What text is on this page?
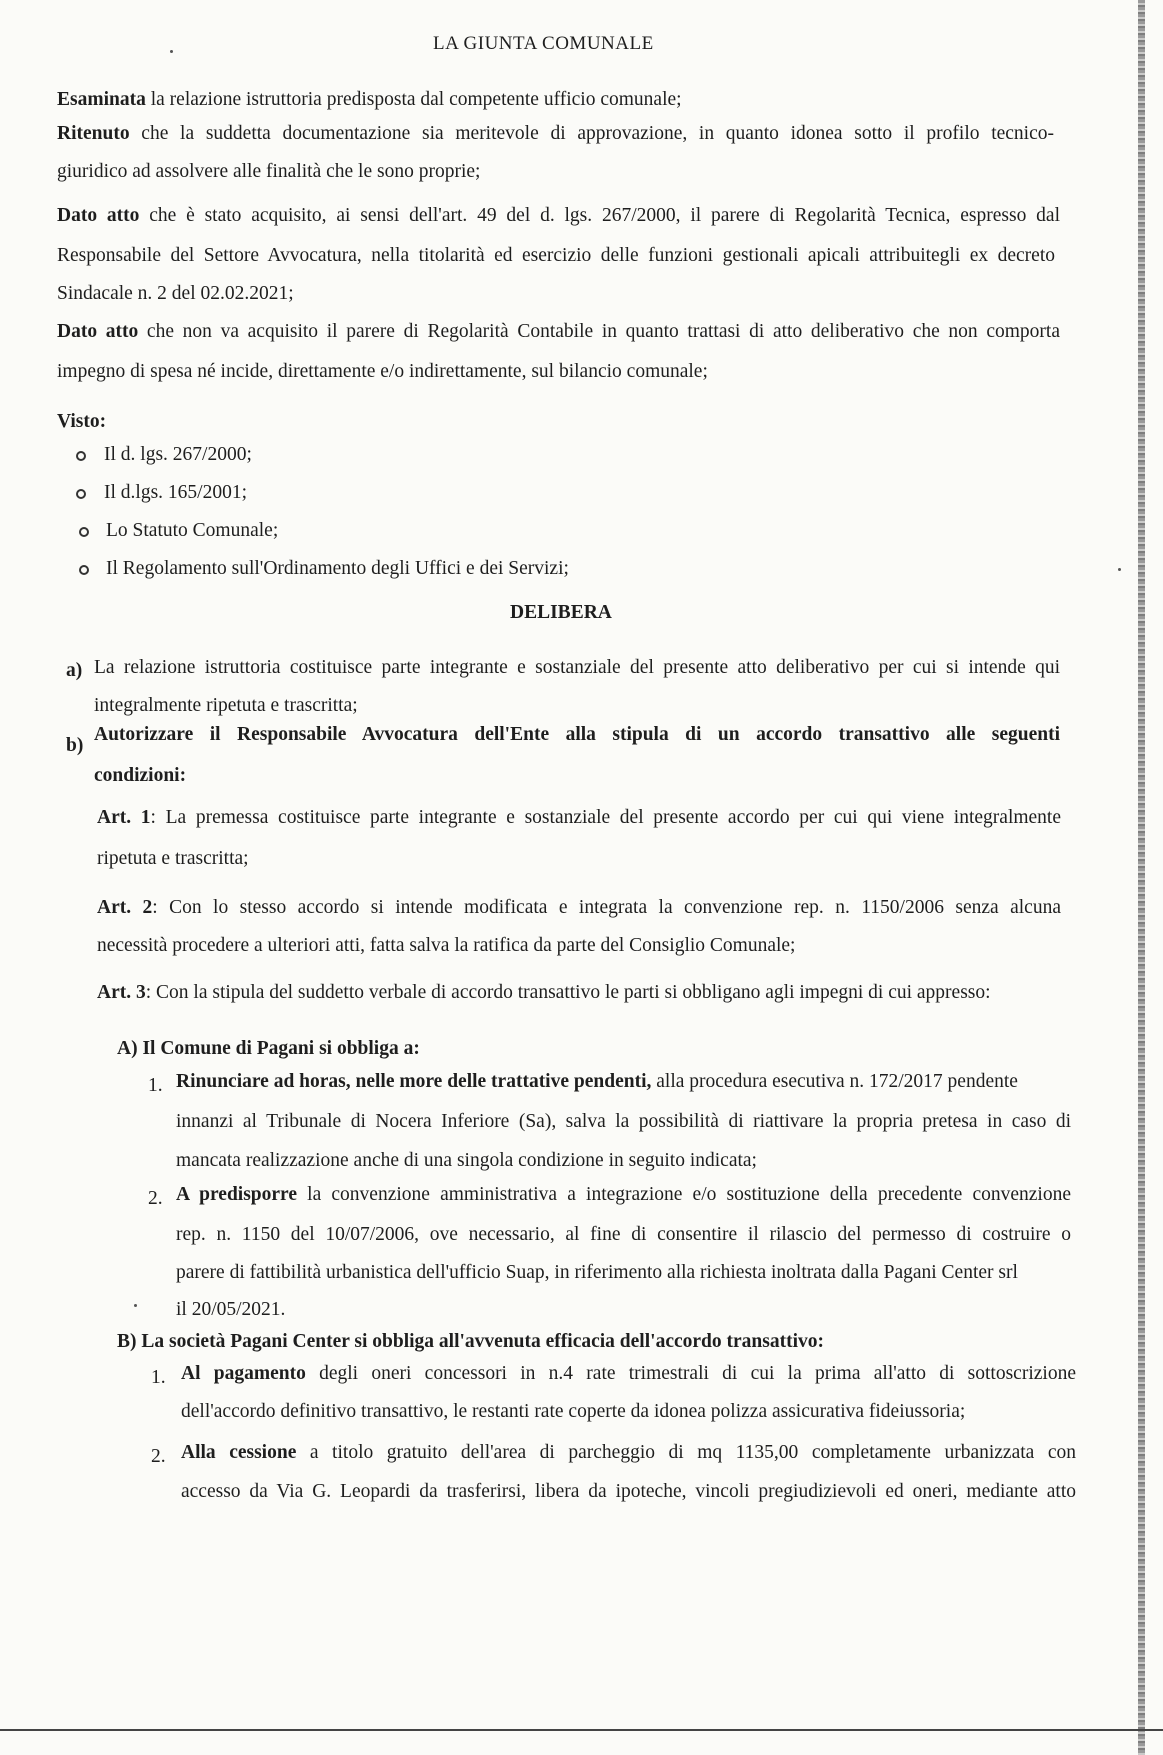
LA GIUNTA COMUNALE
Esaminata la relazione istruttoria predisposta dal competente ufficio comunale;
Ritenuto che la suddetta documentazione sia meritevole di approvazione, in quanto idonea sotto il profilo tecnico-
giuridico ad assolvere alle finalità che le sono proprie;
Dato atto che è stato acquisito, ai sensi dell'art. 49 del d. lgs. 267/2000, il parere di Regolarità Tecnica, espresso dal
Responsabile del Settore Avvocatura, nella titolarità ed esercizio delle funzioni gestionali apicali attribuitegli ex decreto
Sindacale n. 2 del 02.02.2021;
Dato atto che non va acquisito il parere di Regolarità Contabile in quanto trattasi di atto deliberativo che non comporta
impegno di spesa né incide, direttamente e/o indirettamente, sul bilancio comunale;
Visto:
Il d. lgs. 267/2000;
Il d.lgs. 165/2001;
Lo Statuto Comunale;
Il Regolamento sull'Ordinamento degli Uffici e dei Servizi;
DELIBERA
a) La relazione istruttoria costituisce parte integrante e sostanziale del presente atto deliberativo per cui si intende qui
integralmente ripetuta e trascritta;
b)
Autorizzare il Responsabile Avvocatura dell'Ente alla stipula di un accordo transattivo alle seguenti
condizioni:
Art. 1: La premessa costituisce parte integrante e sostanziale del presente accordo per cui qui viene integralmente
ripetuta e trascritta;
Art. 2: Con lo stesso accordo si intende modificata e integrata la convenzione rep. n. 1150/2006 senza alcuna
necessità procedere a ulteriori atti, fatta salva la ratifica da parte del Consiglio Comunale;
Art. 3: Con la stipula del suddetto verbale di accordo transattivo le parti si obbligano agli impegni di cui appresso:
A) Il Comune di Pagani si obbliga a:
1. Rinunciare ad horas, nelle more delle trattative pendenti, alla procedura esecutiva n. 172/2017 pendente
innanzi al Tribunale di Nocera Inferiore (Sa), salva la possibilità di riattivare la propria pretesa in caso di
mancata realizzazione anche di una singola condizione in seguito indicata;
2. A predisporre la convenzione amministrativa a integrazione e/o sostituzione della precedente convenzione
rep. n. 1150 del 10/07/2006, ove necessario, al fine di consentire il rilascio del permesso di costruire o
parere di fattibilità urbanistica dell'ufficio Suap, in riferimento alla richiesta inoltrata dalla Pagani Center srl
il 20/05/2021.
B) La società Pagani Center si obbliga all'avvenuta efficacia dell'accordo transattivo:
1. Al pagamento degli oneri concessori in n.4 rate trimestrali di cui la prima all'atto di sottoscrizione
dell'accordo definitivo transattivo, le restanti rate coperte da idonea polizza assicurativa fideiussoria;
2. Alla cessione a titolo gratuito dell'area di parcheggio di mq 1135,00 completamente urbanizzata con
accesso da Via G. Leopardi da trasferirsi, libera da ipoteche, vincoli pregiudizievoli ed oneri, mediante atto
